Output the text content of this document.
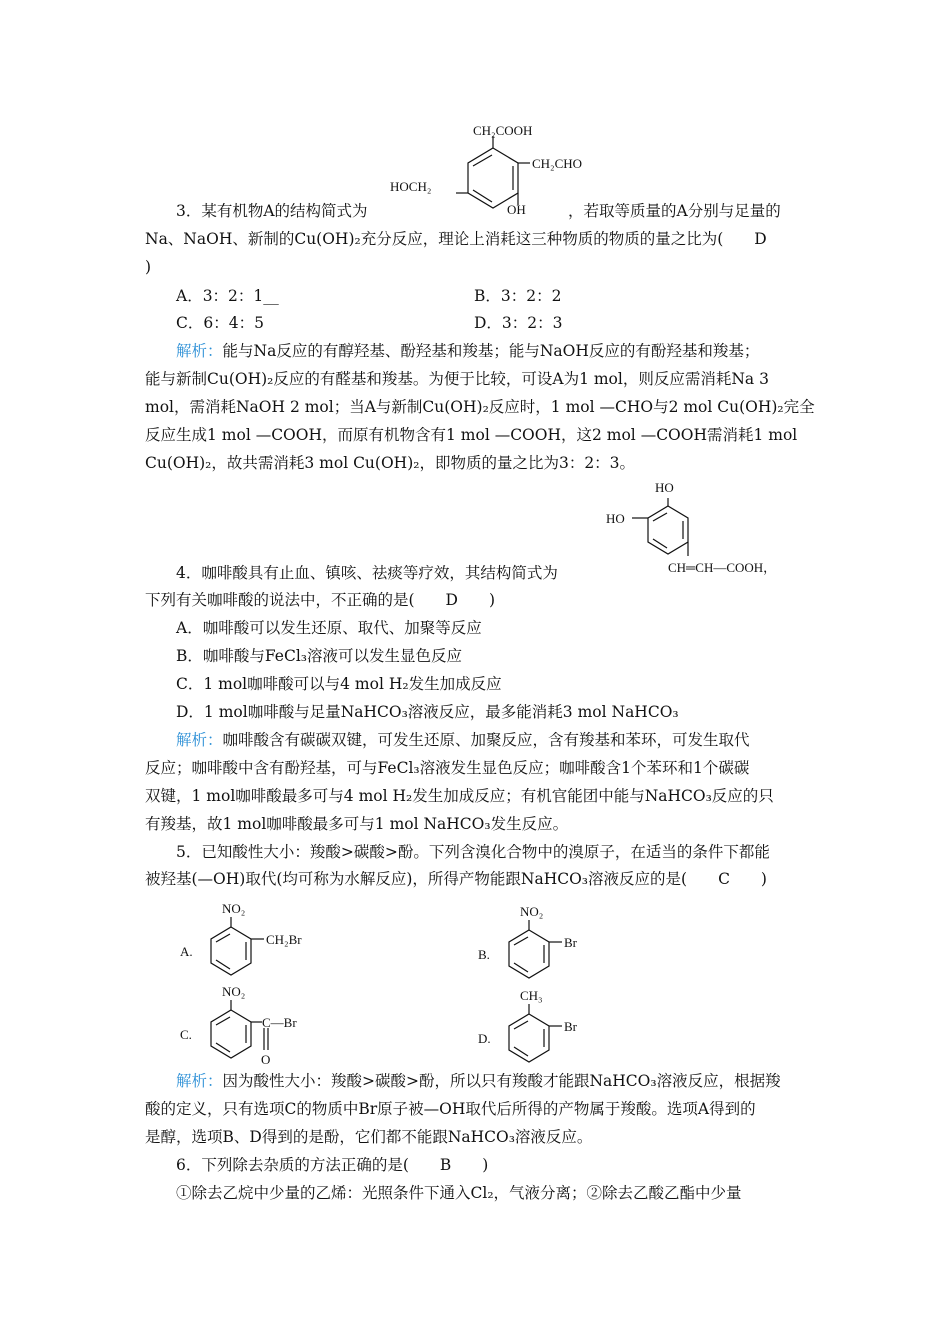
CH₂COOH
CH₂CHO
HOCH₂
OH
3．某有机物A的结构简式为	，若取等质量的A分别与足量的
Na、NaOH、新制的Cu(OH)₂充分反应，理论上消耗这三种物质的物质的量之比为(　　D
)
A．3：2：1__	B．3：2：2
C．6：4：5	D．3：2：3
解析：能与Na反应的有醇羟基、酚羟基和羧基；能与NaOH反应的有酚羟基和羧基；
能与新制Cu(OH)₂反应的有醛基和羧基。为便于比较，可设A为1 mol，则反应需消耗Na 3
mol，需消耗NaOH 2 mol；当A与新制Cu(OH)₂反应时，1 mol —CHO与2 mol Cu(OH)₂完全
反应生成1 mol —COOH，而原有机物含有1 mol —COOH，这2 mol —COOH需消耗1 mol
Cu(OH)₂，故共需消耗3 mol Cu(OH)₂，即物质的量之比为3：2：3。
HO
HO
CH═CH—COOH，
4．咖啡酸具有止血、镇咳、祛痰等疗效，其结构简式为
下列有关咖啡酸的说法中，不正确的是(　　D　　)
A．咖啡酸可以发生还原、取代、加聚等反应
B．咖啡酸与FeCl₃溶液可以发生显色反应
C．1 mol咖啡酸可以与4 mol H₂发生加成反应
D．1 mol咖啡酸与足量NaHCO₃溶液反应，最多能消耗3 mol NaHCO₃
解析：咖啡酸含有碳碳双键，可发生还原、加聚反应，含有羧基和苯环，可发生取代
反应；咖啡酸中含有酚羟基，可与FeCl₃溶液发生显色反应；咖啡酸含1个苯环和1个碳碳
双键，1 mol咖啡酸最多可与4 mol H₂发生加成反应；有机官能团中能与NaHCO₃反应的只
有羧基，故1 mol咖啡酸最多可与1 mol NaHCO₃发生反应。
5．已知酸性大小：羧酸>碳酸>酚。下列含溴化合物中的溴原子，在适当的条件下都能
被羟基(—OH)取代(均可称为水解反应)，所得产物能跟NaHCO₃溶液反应的是(　　C　　)
A.
NO₂
CH₂Br
B.
NO₂
Br
C.
NO₂
C—Br
O
D.
CH₃
Br
解析：因为酸性大小：羧酸>碳酸>酚，所以只有羧酸才能跟NaHCO₃溶液反应，根据羧
酸的定义，只有选项C的物质中Br原子被—OH取代后所得的产物属于羧酸。选项A得到的
是醇，选项B、D得到的是酚，它们都不能跟NaHCO₃溶液反应。
6．下列除去杂质的方法正确的是(　　B　　)
①除去乙烷中少量的乙烯：光照条件下通入Cl₂，气液分离；②除去乙酸乙酯中少量
